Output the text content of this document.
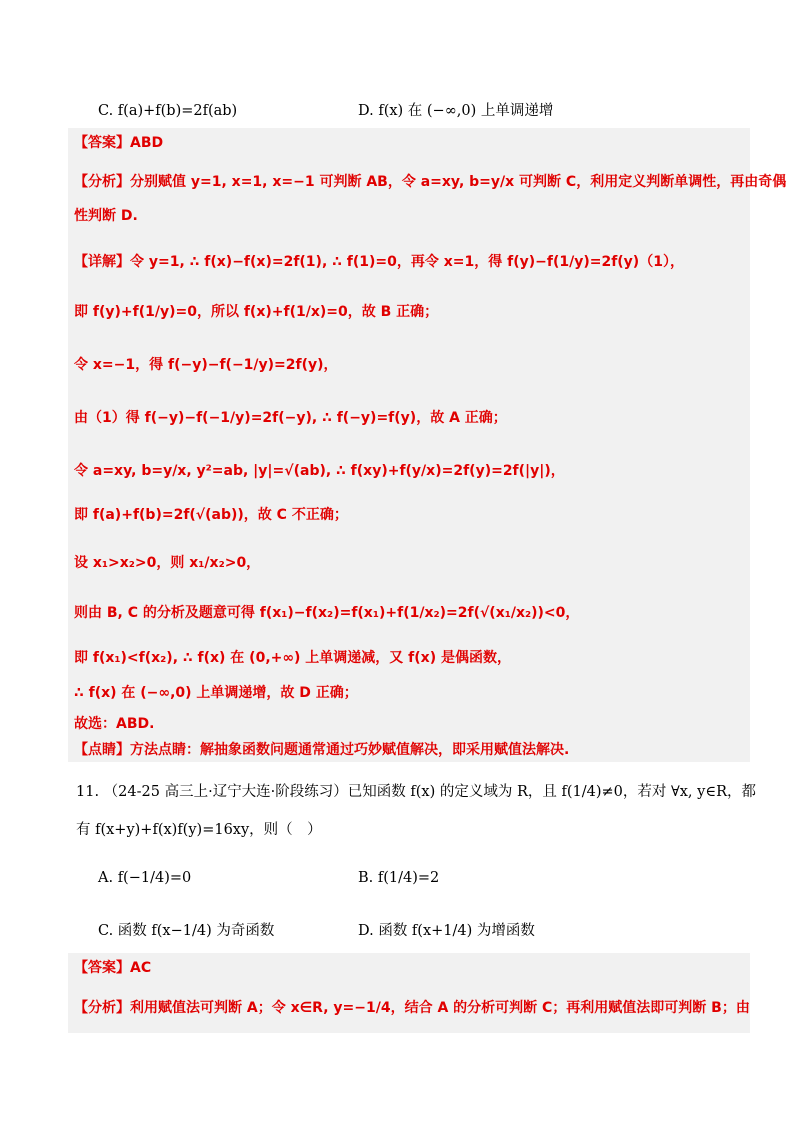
C. f(a)+f(b)=2f(ab)	D. f(x) 在 (−∞,0) 上单调递增
【答案】ABD
【分析】分别赋值 y=1, x=1, x=−1 可判断 AB，令 a=xy, b=y/x 可判断 C，利用定义判断单调性，再由奇偶
性判断 D.
【详解】令 y=1, ∴ f(x)−f(x)=2f(1), ∴ f(1)=0，再令 x=1，得 f(y)−f(1/y)=2f(y)（1），
即 f(y)+f(1/y)=0，所以 f(x)+f(1/x)=0，故 B 正确；
令 x=−1，得 f(−y)−f(−1/y)=2f(y)，
由（1）得 f(−y)−f(−1/y)=2f(−y), ∴ f(−y)=f(y)，故 A 正确；
令 a=xy, b=y/x, y²=ab, |y|=√(ab), ∴ f(xy)+f(y/x)=2f(y)=2f(|y|)，
即 f(a)+f(b)=2f(√(ab))，故 C 不正确；
设 x₁>x₂>0，则 x₁/x₂>0，
则由 B, C 的分析及题意可得 f(x₁)−f(x₂)=f(x₁)+f(1/x₂)=2f(√(x₁/x₂))<0，
即 f(x₁)<f(x₂), ∴ f(x) 在 (0,+∞) 上单调递减，又 f(x) 是偶函数，
∴ f(x) 在 (−∞,0) 上单调递增，故 D 正确；
故选：ABD.
【点睛】方法点睛：解抽象函数问题通常通过巧妙赋值解决，即采用赋值法解决.
11. （24-25 高三上·辽宁大连·阶段练习）已知函数 f(x) 的定义域为 R，且 f(1/4)≠0，若对 ∀x, y∈R，都
有 f(x+y)+f(x)f(y)=16xy，则（　）
A. f(−1/4)=0	B. f(1/4)=2
C. 函数 f(x−1/4) 为奇函数	D. 函数 f(x+1/4) 为增函数
【答案】AC
【分析】利用赋值法可判断 A；令 x∈R, y=−1/4，结合 A 的分析可判断 C；再利用赋值法即可判断 B；由
